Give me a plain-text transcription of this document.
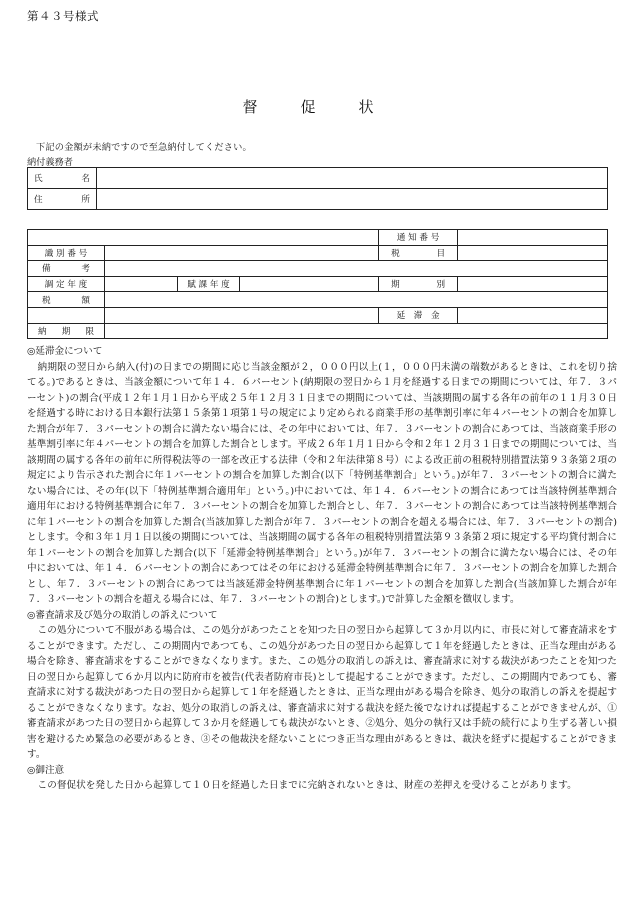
第４３号様式
督　促　状
下記の金額が未納ですので至急納付してください。
納付義務者
氏 名	

住 所	

通 知 番 号	

識 別 番 号				税 目	

備 考					

調 定 年 度		賦 課 年 度		期 別	

税 額					

延　滞　金	

納 期 限					

◎延滞金について

納期限の翌日から納入(付)の日までの期間に応じ当該金額が２，０００円以上(１，０００円未満の端数があるときは、これを切り捨てる。)であるときは、当該金額について年１４．６パーセント(納期限の翌日から１月を経過する日までの期間については、年７．３パーセント)の割合(平成１２年１月１日から平成２５年１２月３１日までの期間については、当該期間の属する各年の前年の１１月３０日を経過する時における日本銀行法第１５条第１項第１号の規定により定められる商業手形の基準割引率に年４パーセントの割合を加算した割合が年７．３パーセントの割合に満たない場合には、その年中においては、年７．３パーセントの割合にあつては、当該商業手形の基準割引率に年４パーセントの割合を加算した割合とします。平成２６年１月１日から令和２年１２月３１日までの期間については、当該期間の属する各年の前年に所得税法等の一部を改正する法律（令和２年法律第８号）による改正前の租税特別措置法第９３条第２項の規定により告示された割合に年１パーセントの割合を加算した割合(以下「特例基準割合」という。)が年７．３パーセントの割合に満たない場合には、その年(以下「特例基準割合適用年」という。)中においては、年１４．６パーセントの割合にあつては当該特例基準割合適用年における特例基準割合に年７．３パーセントの割合を加算した割合とし、年７．３パーセントの割合にあつては当該特例基準割合に年１パーセントの割合を加算した割合(当該加算した割合が年７．３パーセントの割合を超える場合には、年７．３パーセントの割合)とします。令和３年１月１日以後の期間については、当該期間の属する各年の租税特別措置法第９３条第２項に規定する平均貸付割合に年１パーセントの割合を加算した割合(以下「延滞金特例基準割合」という。)が年７．３パーセントの割合に満たない場合には、その年中においては、年１４．６パーセントの割合にあつてはその年における延滞金特例基準割合に年７．３パーセントの割合を加算した割合とし、年７．３パーセントの割合にあつては当該延滞金特例基準割合に年１パーセントの割合を加算した割合(当該加算した割合が年７．３パーセントの割合を超える場合には、年７．３パーセントの割合)とします。)で計算した金額を徴収します。

◎審査請求及び処分の取消しの訴えについて

この処分について不服がある場合は、この処分があつたことを知つた日の翌日から起算して３か月以内に、市長に対して審査請求をすることができます。ただし、この期間内であつても、この処分があつた日の翌日から起算して１年を経過したときは、正当な理由がある場合を除き、審査請求をすることができなくなります。また、この処分の取消しの訴えは、審査請求に対する裁決があつたことを知つた日の翌日から起算して６か月以内に防府市を被告(代表者防府市長)として提起することができます。ただし、この期間内であつても、審査請求に対する裁決があつた日の翌日から起算して１年を経過したときは、正当な理由がある場合を除き、処分の取消しの訴えを提起することができなくなります。なお、処分の取消しの訴えは、審査請求に対する裁決を経た後でなければ提起することができませんが、①審査請求があつた日の翌日から起算して３か月を経過しても裁決がないとき、②処分、処分の執行又は手続の続行により生ずる著しい損害を避けるため緊急の必要があるとき、③その他裁決を経ないことにつき正当な理由があるときは、裁決を経ずに提起することができます。

◎御注意

この督促状を発した日から起算して１０日を経過した日までに完納されないときは、財産の差押えを受けることがあります。
